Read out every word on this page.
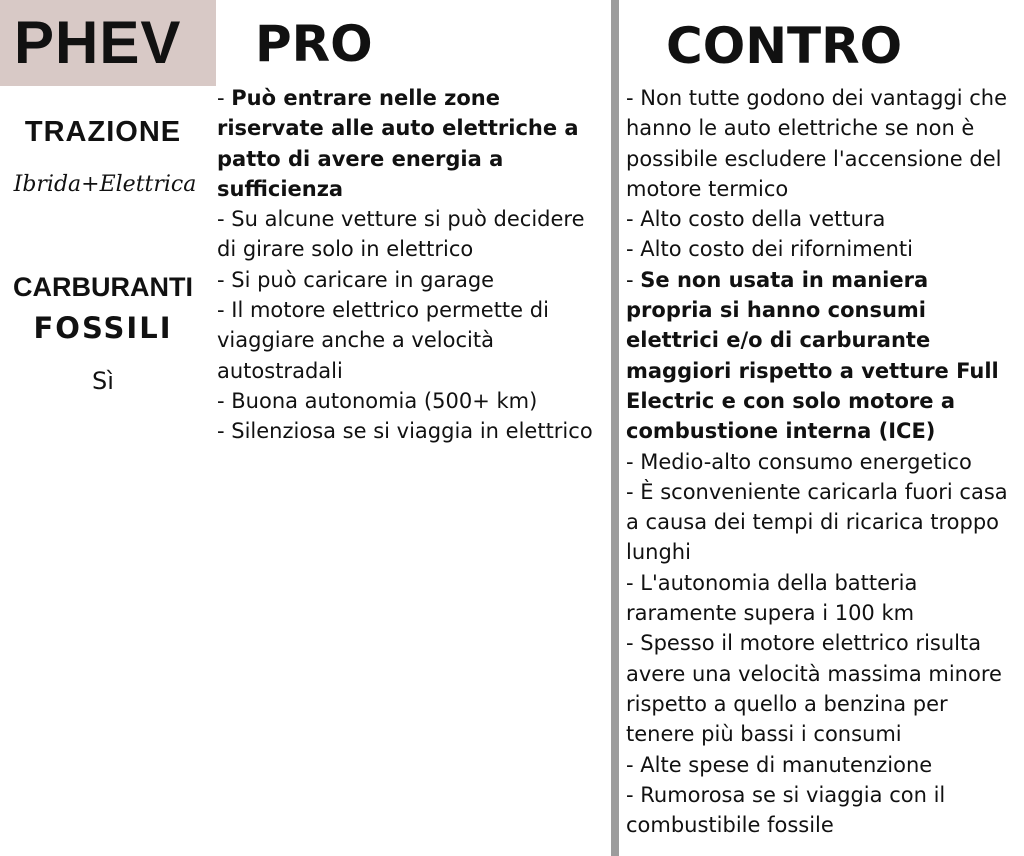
PHEV
TRAZIONE
Ibrida+Elettrica
CARBURANTI
FOSSILI
Sì
PRO	CONTRO
- Può entrare nelle zone riservate alle auto elettriche a patto di avere energia a sufficienza
- Su alcune vetture si può decidere di girare solo in elettrico
- Si può caricare in garage
- Il motore elettrico permette di viaggiare anche a velocità autostradali
- Buona autonomia (500+ km)
- Silenziosa se si viaggia in elettrico
- Non tutte godono dei vantaggi che hanno le auto elettriche se non è possibile escludere l'accensione del motore termico
- Alto costo della vettura
- Alto costo dei rifornimenti
- Se non usata in maniera propria si hanno consumi elettrici e/o di carburante maggiori rispetto a vetture Full Electric e con solo motore a combustione interna (ICE)
- Medio-alto consumo energetico
- È sconveniente caricarla fuori casa a causa dei tempi di ricarica troppo lunghi
- L'autonomia della batteria raramente supera i 100 km
- Spesso il motore elettrico risulta avere una velocità massima minore rispetto a quello a benzina per tenere più bassi i consumi
- Alte spese di manutenzione
- Rumorosa se si viaggia con il combustibile fossile
